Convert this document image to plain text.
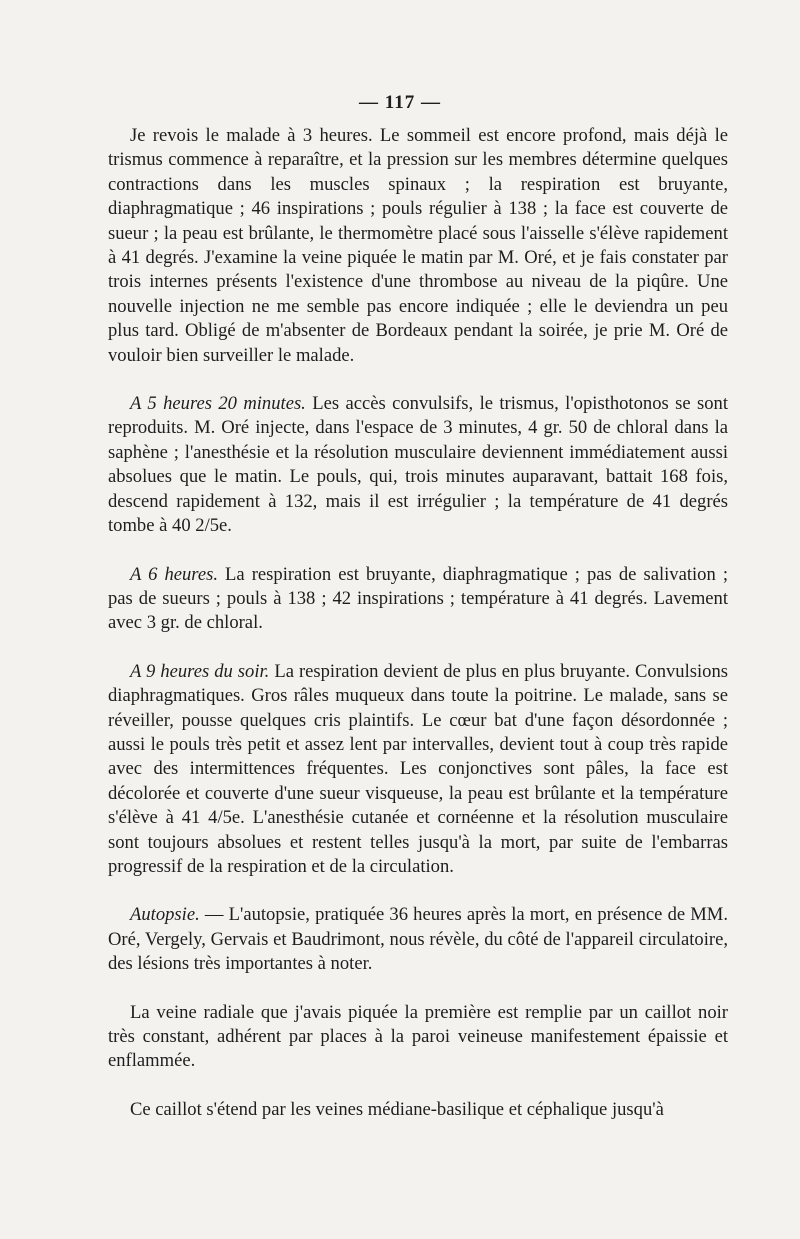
— 117 —

Je revois le malade à 3 heures. Le sommeil est encore profond, mais déjà le trismus commence à reparaître, et la pression sur les membres détermine quelques contractions dans les muscles spinaux ; la respiration est bruyante, diaphragmatique ; 46 inspirations ; pouls régulier à 138 ; la face est couverte de sueur ; la peau est brûlante, le thermomètre placé sous l'aisselle s'élève rapidement à 41 degrés. J'examine la veine piquée le matin par M. Oré, et je fais constater par trois internes présents l'existence d'une thrombose au niveau de la piqûre. Une nouvelle injection ne me semble pas encore indiquée ; elle le deviendra un peu plus tard. Obligé de m'absenter de Bordeaux pendant la soirée, je prie M. Oré de vouloir bien surveiller le malade.

A 5 heures 20 minutes. Les accès convulsifs, le trismus, l'opisthotonos se sont reproduits. M. Oré injecte, dans l'espace de 3 minutes, 4 gr. 50 de chloral dans la saphène ; l'anesthésie et la résolution musculaire deviennent immédiatement aussi absolues que le matin. Le pouls, qui, trois minutes auparavant, battait 168 fois, descend rapidement à 132, mais il est irrégulier ; la température de 41 degrés tombe à 40 2/5e.

A 6 heures. La respiration est bruyante, diaphragmatique ; pas de salivation ; pas de sueurs ; pouls à 138 ; 42 inspirations ; température à 41 degrés. Lavement avec 3 gr. de chloral.

A 9 heures du soir. La respiration devient de plus en plus bruyante. Convulsions diaphragmatiques. Gros râles muqueux dans toute la poitrine. Le malade, sans se réveiller, pousse quelques cris plaintifs. Le cœur bat d'une façon désordonnée ; aussi le pouls très petit et assez lent par intervalles, devient tout à coup très rapide avec des intermittences fréquentes. Les conjonctives sont pâles, la face est décolorée et couverte d'une sueur visqueuse, la peau est brûlante et la température s'élève à 41 4/5e. L'anesthésie cutanée et cornéenne et la résolution musculaire sont toujours absolues et restent telles jusqu'à la mort, par suite de l'embarras progressif de la respiration et de la circulation.

Autopsie. — L'autopsie, pratiquée 36 heures après la mort, en présence de MM. Oré, Vergely, Gervais et Baudrimont, nous révèle, du côté de l'appareil circulatoire, des lésions très importantes à noter.

La veine radiale que j'avais piquée la première est remplie par un caillot noir très constant, adhérent par places à la paroi veineuse manifestement épaissie et enflammée.

Ce caillot s'étend par les veines médiane-basilique et céphalique jusqu'à
